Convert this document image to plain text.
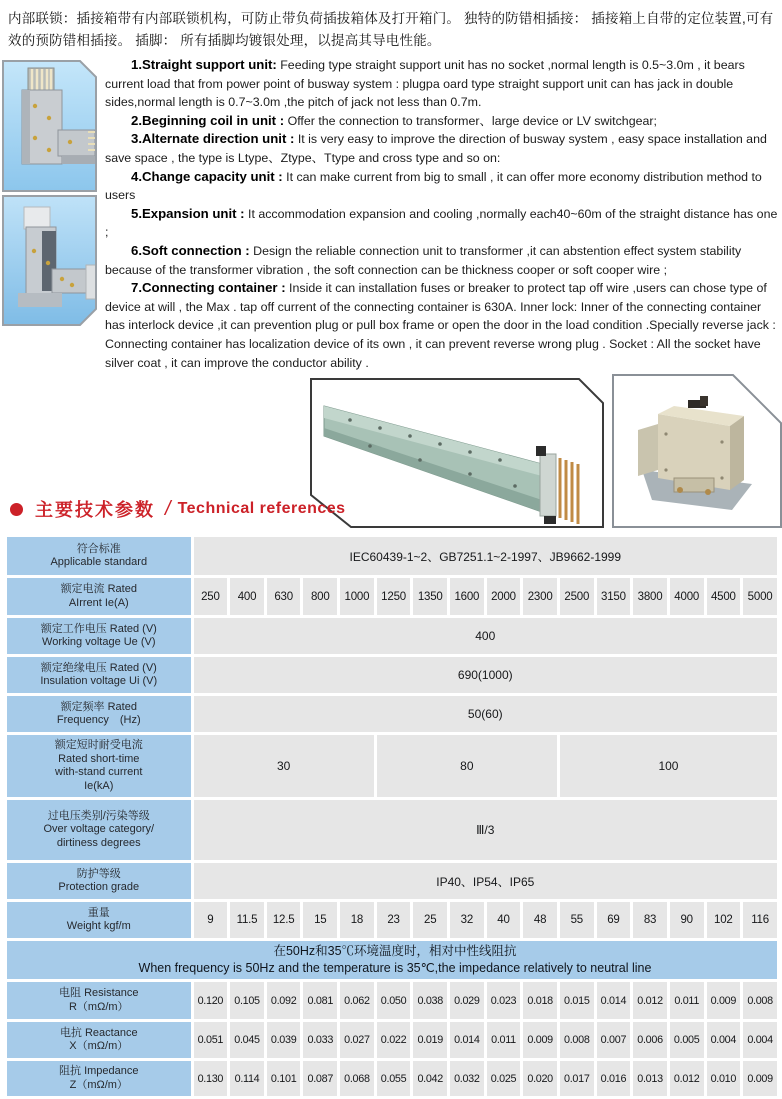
内部联锁：插接箱带有内部联锁机构，可防止带负荷插拔箱体及打开箱门。 独特的防错相插接： 插接箱上自带的定位装置,可有效的预防错相插接。 插脚： 所有插脚均镀银处理，以提高其导电性能。

1.Straight support unit: Feeding type straight support unit has no socket ,normal length is 0.5~3.0m , it bears current load that from power point of busway system : plugpa oard type straight support unit can has jack in double sides,normal length is 0.7~3.0m ,the pitch of jack not less than 0.7m.

2.Beginning coil in unit : Offer the connection to transformer、large device or LV switchgear;

3.Alternate direction unit : It is very easy to improve the direction of busway system , easy space installation and save space , the type is Ltype、Ztype、Ttype and cross type and so on:

4.Change capacity unit : It can make current from big to small , it can offer more economy distribution method to users

5.Expansion unit : It accommodation expansion and cooling ,normally each40~60m of the straight distance has one ;

6.Soft connection : Design the reliable connection unit to transformer ,it can abstention effect system stability because of the transformer vibration , the soft connection can be thickness cooper or soft cooper wire ;

7.Connecting container : Inside it can installation fuses or breaker to protect tap off wire ,users can chose type of device at will , the Max . tap off current of the connecting container is 630A. Inner lock: Inner of the connecting container has interlock device ,it can prevention plug or pull box frame or open the door in the load condition .Specially reverse jack : Connecting container has localization device of its own , it can prevent reverse wrong plug . Socket : All the socket have silver coat , it can improve the conductor ability .

主要技术参数 / Technical references
符合标准
Applicable standard	IEC60439-1~2、GB7251.1~2-1997、JB9662-1999															

额定电流 Rated
AIrrent Ie(A)	250	400	630	800	1000	1250	1350	1600	2000	2300	2500	3150	3800	4000	4500	5000

额定工作电压 Rated (V)
Working voltage Ue (V)	400															

额定绝缘电压 Rated (V)
Insulation voltage Ui (V)	690(1000)															

额定频率 Rated
Frequency　(Hz)	50(60)															

额定短时耐受电流
Rated short-time
with-stand current
Ie(kA)	30					80					100					

过电压类别/污染等级
Over voltage category/
dirtiness degrees	Ⅲ/3															

防护等级
Protection grade	IP40、IP54、IP65															

重量
Weight kgf/m	9	11.5	12.5	15	18	23	25	32	40	48	55	69	83	90	102	116

在50Hz和35℃环境温度时，相对中性线阻抗
When frequency is 50Hz and the temperature is 35℃,the impedance relatively to neutral line																

电阻 Resistance
R（mΩ/m）	0.120	0.105	0.092	0.081	0.062	0.050	0.038	0.029	0.023	0.018	0.015	0.014	0.012	0.011	0.009	0.008

电抗 Reactance
X（mΩ/m）	0.051	0.045	0.039	0.033	0.027	0.022	0.019	0.014	0.011	0.009	0.008	0.007	0.006	0.005	0.004	0.004

阻抗 Impedance
Z（mΩ/m）	0.130	0.114	0.101	0.087	0.068	0.055	0.042	0.032	0.025	0.020	0.017	0.016	0.013	0.012	0.010	0.009
